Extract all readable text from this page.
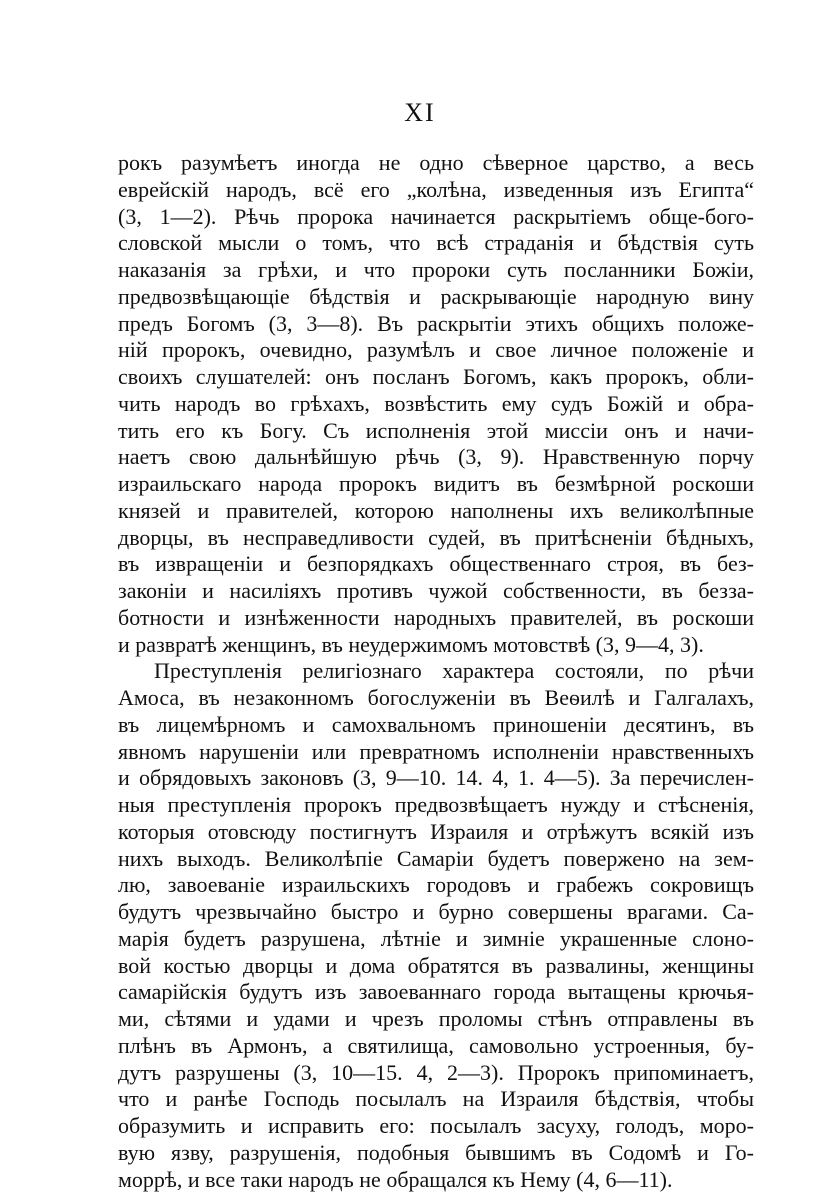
XI
рокъ разумѣетъ иногда не одно сѣверное царство, а весь
еврейскій народъ, всё его „колѣна, изведенныя изъ Египта“
(3, 1—2). Рѣчь пророка начинается раскрытіемъ обще-бого-
словской мысли о томъ, что всѣ страданія и бѣдствія суть
наказанія за грѣхи, и что пророки суть посланники Божіи,
предвозвѣщающіе бѣдствія и раскрывающіе народную вину
предъ Богомъ (3, 3—8). Въ раскрытіи этихъ общихъ положе-
ній пророкъ, очевидно, разумѣлъ и свое личное положеніе и
своихъ слушателей: онъ посланъ Богомъ, какъ пророкъ, обли-
чить народъ во грѣхахъ, возвѣстить ему судъ Божій и обра-
тить его къ Богу. Съ исполненія этой миссіи онъ и начи-
наетъ свою дальнѣйшую рѣчь (3, 9). Нравственную порчу
израильскаго народа пророкъ видитъ въ безмѣрной роскоши
князей и правителей, которою наполнены ихъ великолѣпные
дворцы, въ несправедливости судей, въ притѣсненіи бѣдныхъ,
въ извращеніи и безпорядкахъ общественнаго строя, въ без-
законіи и насиліяхъ противъ чужой собственности, въ безза-
ботности и изнѣженности народныхъ правителей, въ роскоши
и развратѣ женщинъ, въ неудержимомъ мотовствѣ (3, 9—4, 3).
Преступленія религіознаго характера состояли, по рѣчи
Амоса, въ незаконномъ богослуженіи въ Веѳилѣ и Галгалахъ,
въ лицемѣрномъ и самохвальномъ приношеніи десятинъ, въ
явномъ нарушеніи или превратномъ исполненіи нравственныхъ
и обрядовыхъ законовъ (3, 9—10. 14. 4, 1. 4—5). За перечислен-
ныя преступленія пророкъ предвозвѣщаетъ нужду и стѣсненія,
которыя отовсюду постигнутъ Израиля и отрѣжутъ всякій изъ
нихъ выходъ. Великолѣпіе Самаріи будетъ повержено на зем-
лю, завоеваніе израильскихъ городовъ и грабежъ сокровищъ
будутъ чрезвычайно быстро и бурно совершены врагами. Са-
марія будетъ разрушена, лѣтніе и зимніе украшенные слоно-
вой костью дворцы и дома обратятся въ развалины, женщины
самарійскія будутъ изъ завоеваннаго города вытащены крючья-
ми, сѣтями и удами и чрезъ проломы стѣнъ отправлены въ
плѣнъ въ Армонъ, а святилища, самовольно устроенныя, бу-
дутъ разрушены (3, 10—15. 4, 2—3). Пророкъ припоминаетъ,
что и ранѣе Господь посылалъ на Израиля бѣдствія, чтобы
образумить и исправить его: посылалъ засуху, голодъ, моро-
вую язву, разрушенія, подобныя бывшимъ въ Содомѣ и Го-
моррѣ, и все таки народъ не обращался къ Нему (4, 6—11).
